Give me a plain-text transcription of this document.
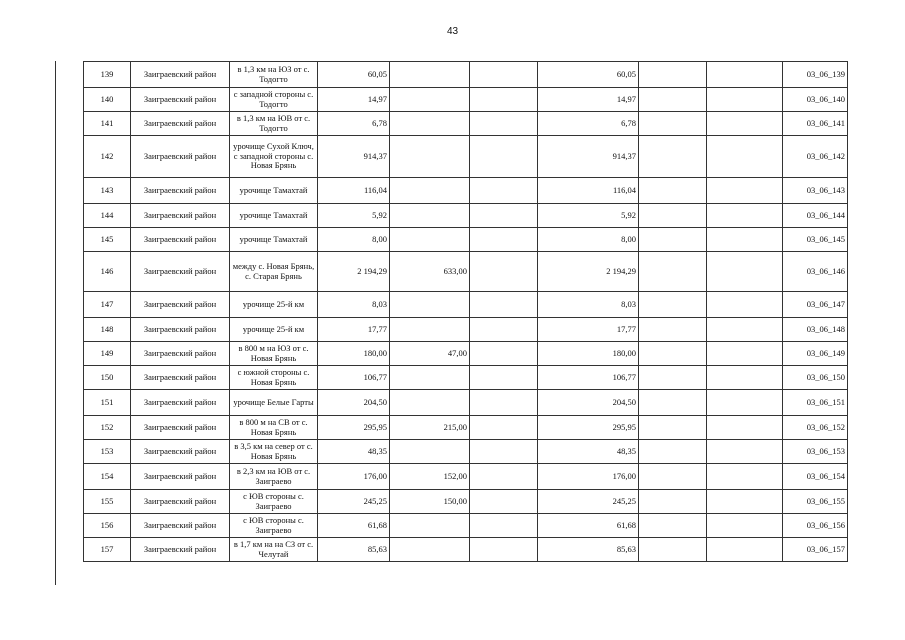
43
139	Заиграевский район	в 1,3 км на ЮЗ от с. Тодогто	60,05			60,05			03_06_139
140	Заиграевский район	с западной стороны с. Тодогто	14,97			14,97			03_06_140
141	Заиграевский район	в 1,3 км на ЮВ от с. Тодогто	6,78			6,78			03_06_141
142	Заиграевский район	урочище Сухой Ключ, с западной стороны с. Новая Брянь	914,37			914,37			03_06_142
143	Заиграевский район	урочище Тамахтай	116,04			116,04			03_06_143
144	Заиграевский район	урочище Тамахтай	5,92			5,92			03_06_144
145	Заиграевский район	урочище Тамахтай	8,00			8,00			03_06_145
146	Заиграевский район	между с. Новая Брянь, с. Старая Брянь	2 194,29	633,00		2 194,29			03_06_146
147	Заиграевский район	урочище 25-й км	8,03			8,03			03_06_147
148	Заиграевский район	урочище 25-й км	17,77			17,77			03_06_148
149	Заиграевский район	в 800 м на ЮЗ от с. Новая Брянь	180,00	47,00		180,00			03_06_149
150	Заиграевский район	с южной стороны с. Новая Брянь	106,77			106,77			03_06_150
151	Заиграевский район	урочище Белые Гарты	204,50			204,50			03_06_151
152	Заиграевский район	в 800 м на СВ от с. Новая Брянь	295,95	215,00		295,95			03_06_152
153	Заиграевский район	в 3,5 км на север от с. Новая Брянь	48,35			48,35			03_06_153
154	Заиграевский район	в 2,3 км на ЮВ от с. Заиграево	176,00	152,00		176,00			03_06_154
155	Заиграевский район	с ЮВ стороны с. Заиграево	245,25	150,00		245,25			03_06_155
156	Заиграевский район	с ЮВ стороны с. Заиграево	61,68			61,68			03_06_156
157	Заиграевский район	в 1,7 км на на СЗ от с. Челутай	85,63			85,63			03_06_157
